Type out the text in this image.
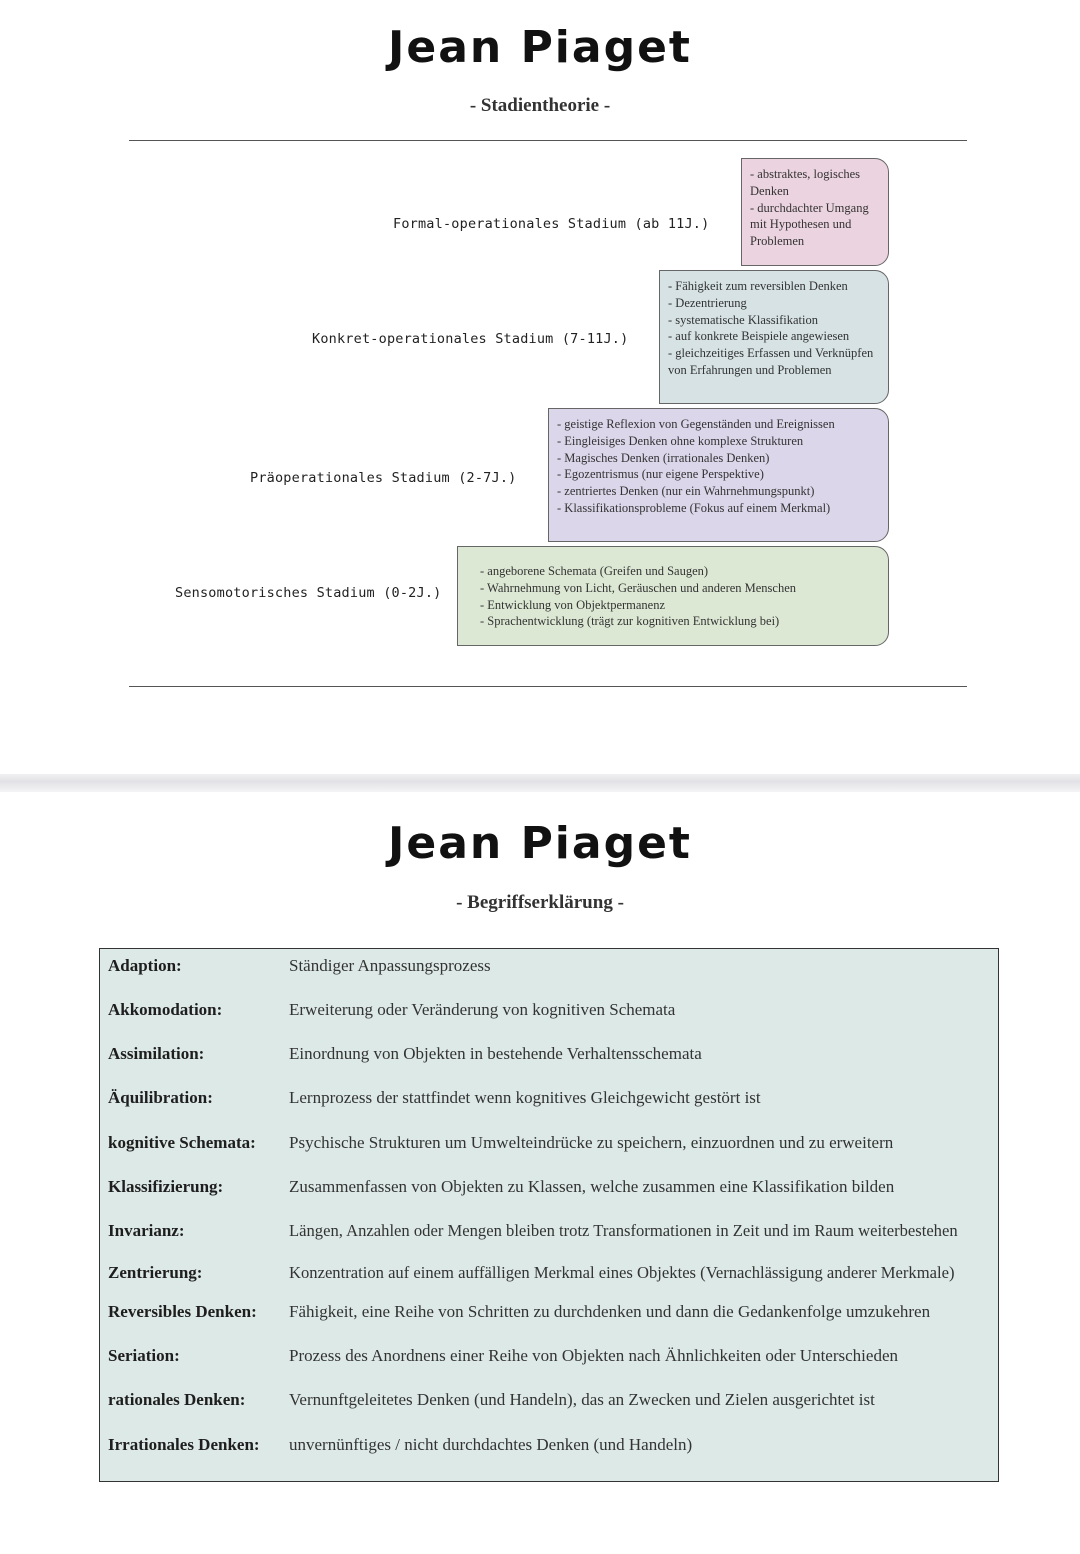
Jean Piaget
- Stadientheorie -
Formal-operationales Stadium (ab 11J.)
- abstraktes, logisches
Denken
- durchdachter Umgang
mit Hypothesen und
Problemen
Konkret-operationales Stadium (7-11J.)
- Fähigkeit zum reversiblen Denken
- Dezentrierung
- systematische Klassifikation
- auf konkrete Beispiele angewiesen
- gleichzeitiges Erfassen und Verknüpfen
von Erfahrungen und Problemen
Präoperationales Stadium (2-7J.)
- geistige Reflexion von Gegenständen und Ereignissen
- Eingleisiges Denken ohne komplexe Strukturen
- Magisches Denken (irrationales Denken)
- Egozentrismus (nur eigene Perspektive)
- zentriertes Denken (nur ein Wahrnehmungspunkt)
- Klassifikationsprobleme (Fokus auf einem Merkmal)
Sensomotorisches Stadium (0-2J.)
- angeborene Schemata (Greifen und Saugen)
- Wahrnehmung von Licht, Geräuschen und anderen Menschen
- Entwicklung von Objektpermanenz
- Sprachentwicklung (trägt zur kognitiven Entwicklung bei)
Jean Piaget
- Begriffserklärung -
Adaption:	Ständiger Anpassungsprozess
Akkomodation:	Erweiterung oder Veränderung von kognitiven Schemata
Assimilation:	Einordnung von Objekten in bestehende Verhaltensschemata
Äquilibration:	Lernprozess der stattfindet wenn kognitives Gleichgewicht gestört ist
kognitive Schemata: Psychische Strukturen um Umwelteindrücke zu speichern, einzuordnen und zu erweitern
Klassifizierung:	Zusammenfassen von Objekten zu Klassen, welche zusammen eine Klassifikation bilden
Invarianz:	Längen, Anzahlen oder Mengen bleiben trotz Transformationen in Zeit und im Raum weiterbestehen
Zentrierung:	Konzentration auf einem auffälligen Merkmal eines Objektes (Vernachlässigung anderer Merkmale)
Reversibles Denken: Fähigkeit, eine Reihe von Schritten zu durchdenken und dann die Gedankenfolge umzukehren
Seriation:	Prozess des Anordnens einer Reihe von Objekten nach Ähnlichkeiten oder Unterschieden
rationales Denken:	Vernunftgeleitetes Denken (und Handeln), das an Zwecken und Zielen ausgerichtet ist
Irrationales Denken: unvernünftiges / nicht durchdachtes Denken (und Handeln)
